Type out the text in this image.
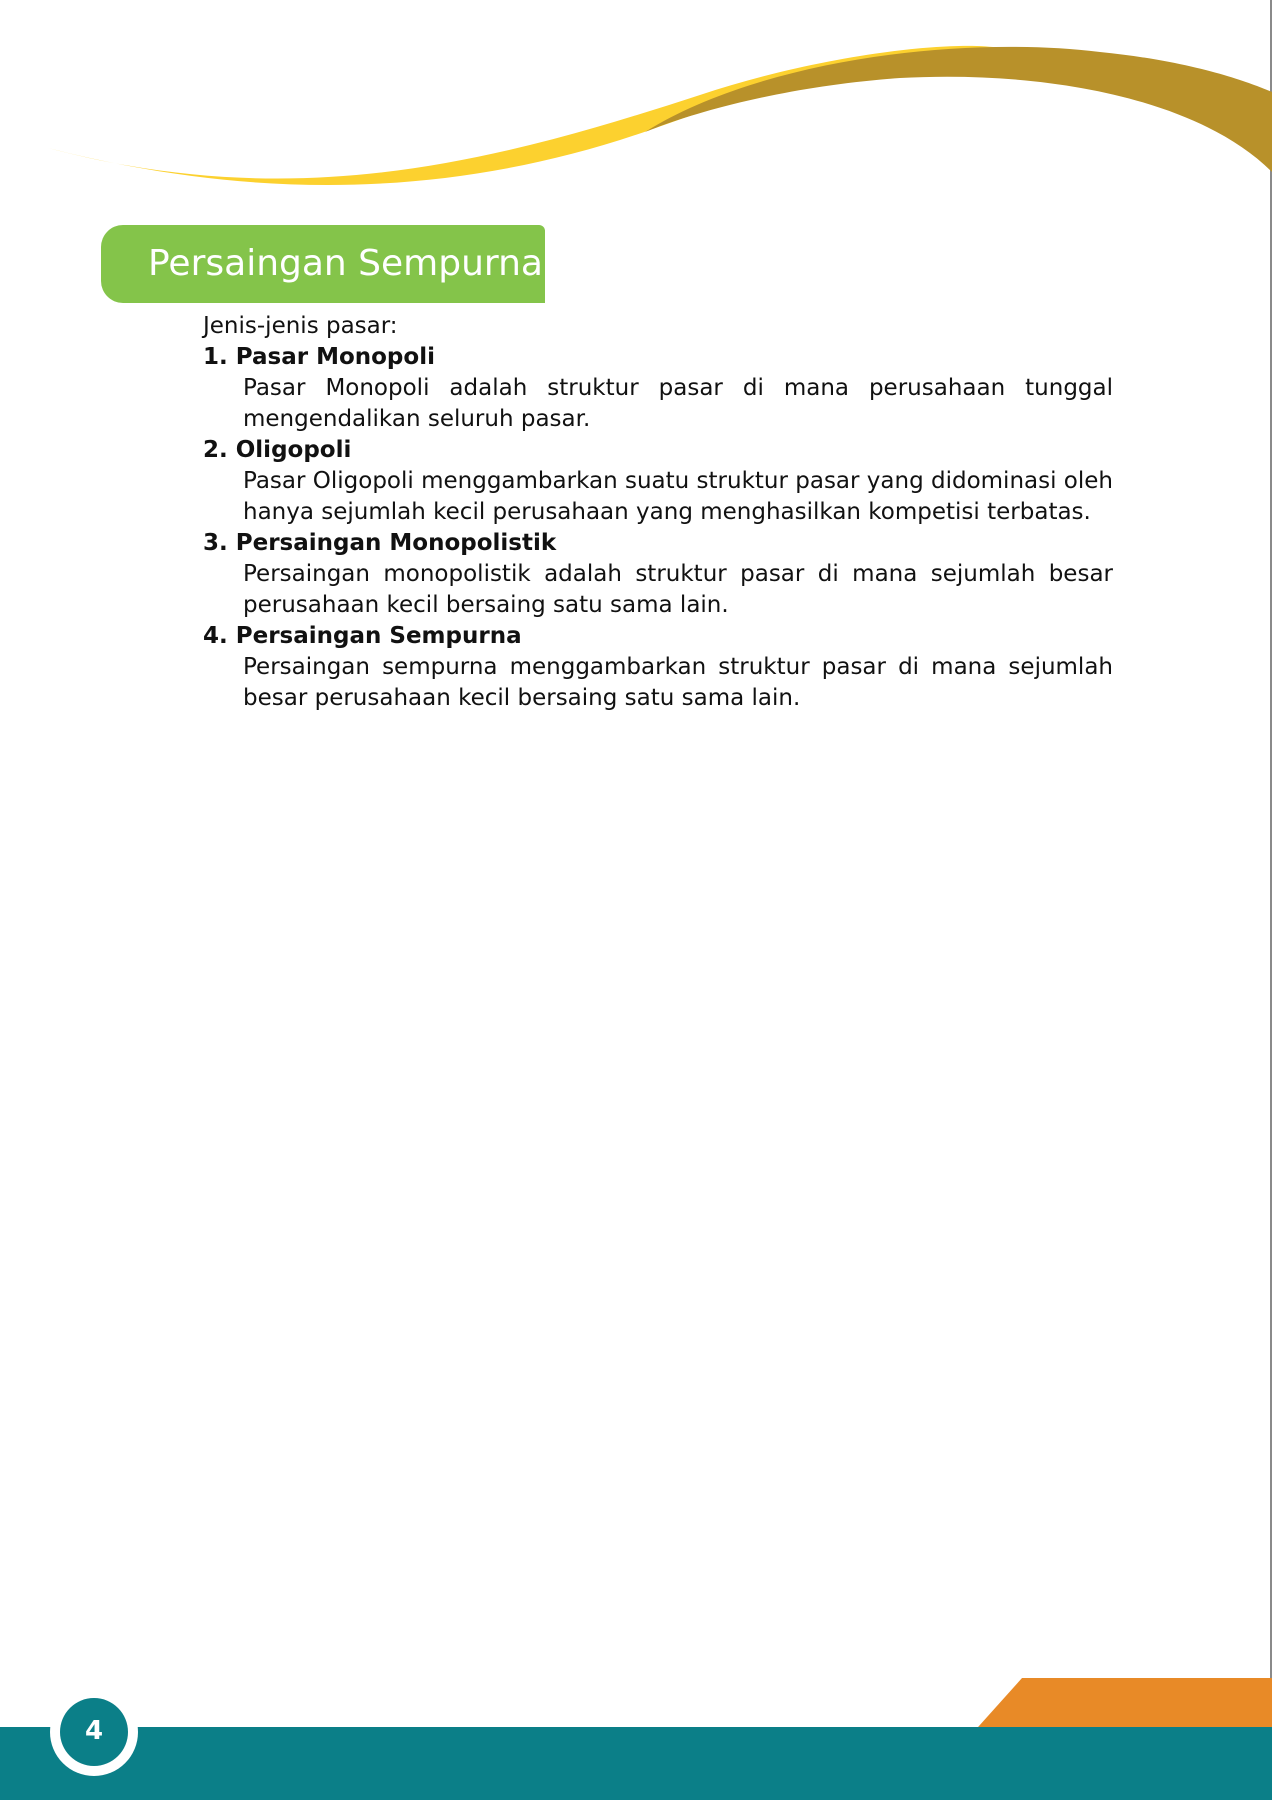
Persaingan Sempurna

Jenis-jenis pasar:

1. Pasar Monopoli

Pasar Monopoli adalah struktur pasar di mana perusahaan tunggal mengendalikan seluruh pasar.

2. Oligopoli

Pasar Oligopoli menggambarkan suatu struktur pasar yang didominasi oleh hanya sejumlah kecil perusahaan yang menghasilkan kompetisi terbatas.

3. Persaingan Monopolistik

Persaingan monopolistik adalah struktur pasar di mana sejumlah besar perusahaan kecil bersaing satu sama lain.

4. Persaingan Sempurna

Persaingan sempurna menggambarkan struktur pasar di mana sejumlah besar perusahaan kecil bersaing satu sama lain.

4
